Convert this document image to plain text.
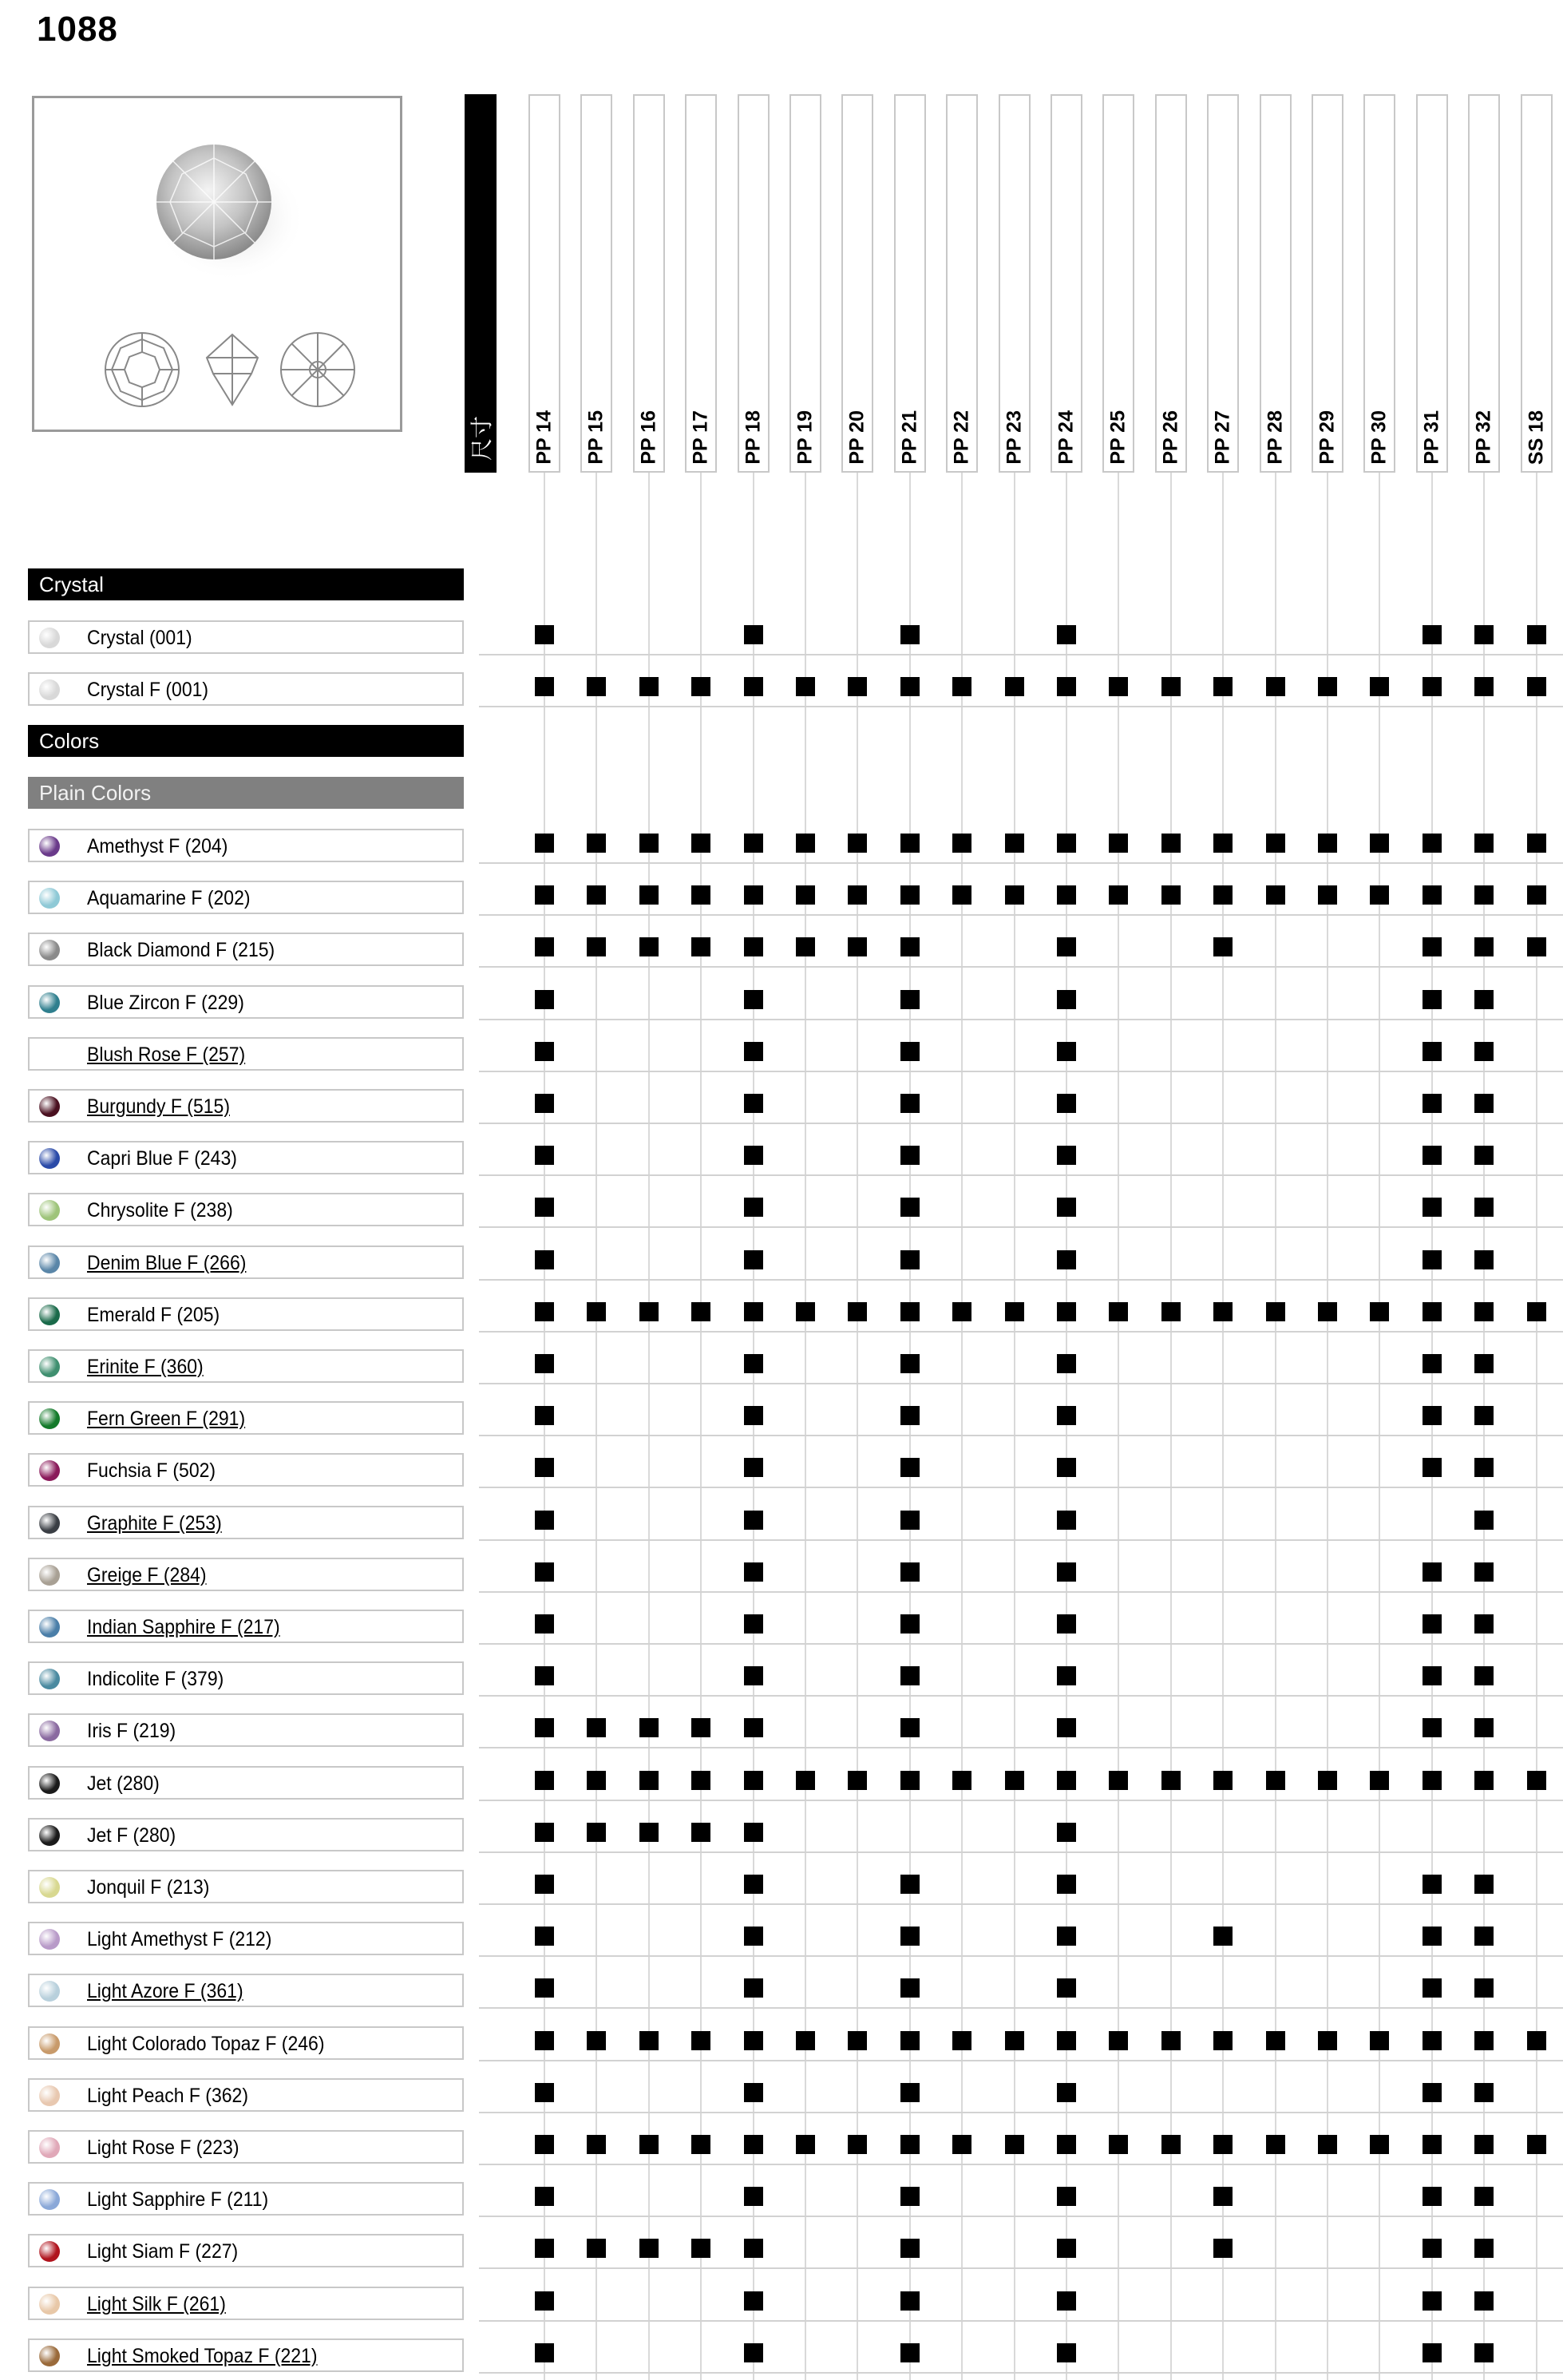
1088
尺寸 PP 14 PP 15 PP 16 PP 17 PP 18 PP 19 PP 20 PP 21 PP 22 PP 23 PP 24 PP 25 PP 26 PP 27 PP 28 PP 29 PP 30 PP 31 PP 32 SS 18
Crystal
Crystal (001)
Crystal F (001)
Colors
Plain Colors
Amethyst F (204)
Aquamarine F (202)
Black Diamond F (215)
Blue Zircon F (229)
Blush Rose F (257)
Burgundy F (515)
Capri Blue F (243)
Chrysolite F (238)
Denim Blue F (266)
Emerald F (205)
Erinite F (360)
Fern Green F (291)
Fuchsia F (502)
Graphite F (253)
Greige F (284)
Indian Sapphire F (217)
Indicolite F (379)
Iris F (219)
Jet (280)
Jet F (280)
Jonquil F (213)
Light Amethyst F (212)
Light Azore F (361)
Light Colorado Topaz F (246)
Light Peach F (362)
Light Rose F (223)
Light Sapphire F (211)
Light Siam F (227)
Light Silk F (261)
Light Smoked Topaz F (221)
